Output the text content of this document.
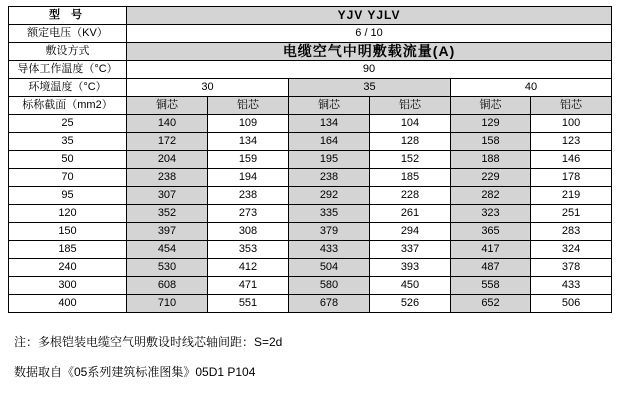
型 号	YJV YJLV					
额定电压（KV）	6 / 10					
敷设方式	电缆空气中明敷载流量(A)					
导体工作温度（°C）	90					
环境温度（°C）	30		35		40	
标称截面（mm2）	铜芯	铝芯	铜芯	铝芯	铜芯	铝芯
25	140	109	134	104	129	100
35	172	134	164	128	158	123
50	204	159	195	152	188	146
70	238	194	238	185	229	178
95	307	238	292	228	282	219
120	352	273	335	261	323	251
150	397	308	379	294	365	283
185	454	353	433	337	417	324
240	530	412	504	393	487	378
300	608	471	580	450	558	433
400	710	551	678	526	652	506
注：多根铠装电缆空气明敷设时线芯轴间距：S=2d
数据取自《05系列建筑标准图集》05D1 P104
